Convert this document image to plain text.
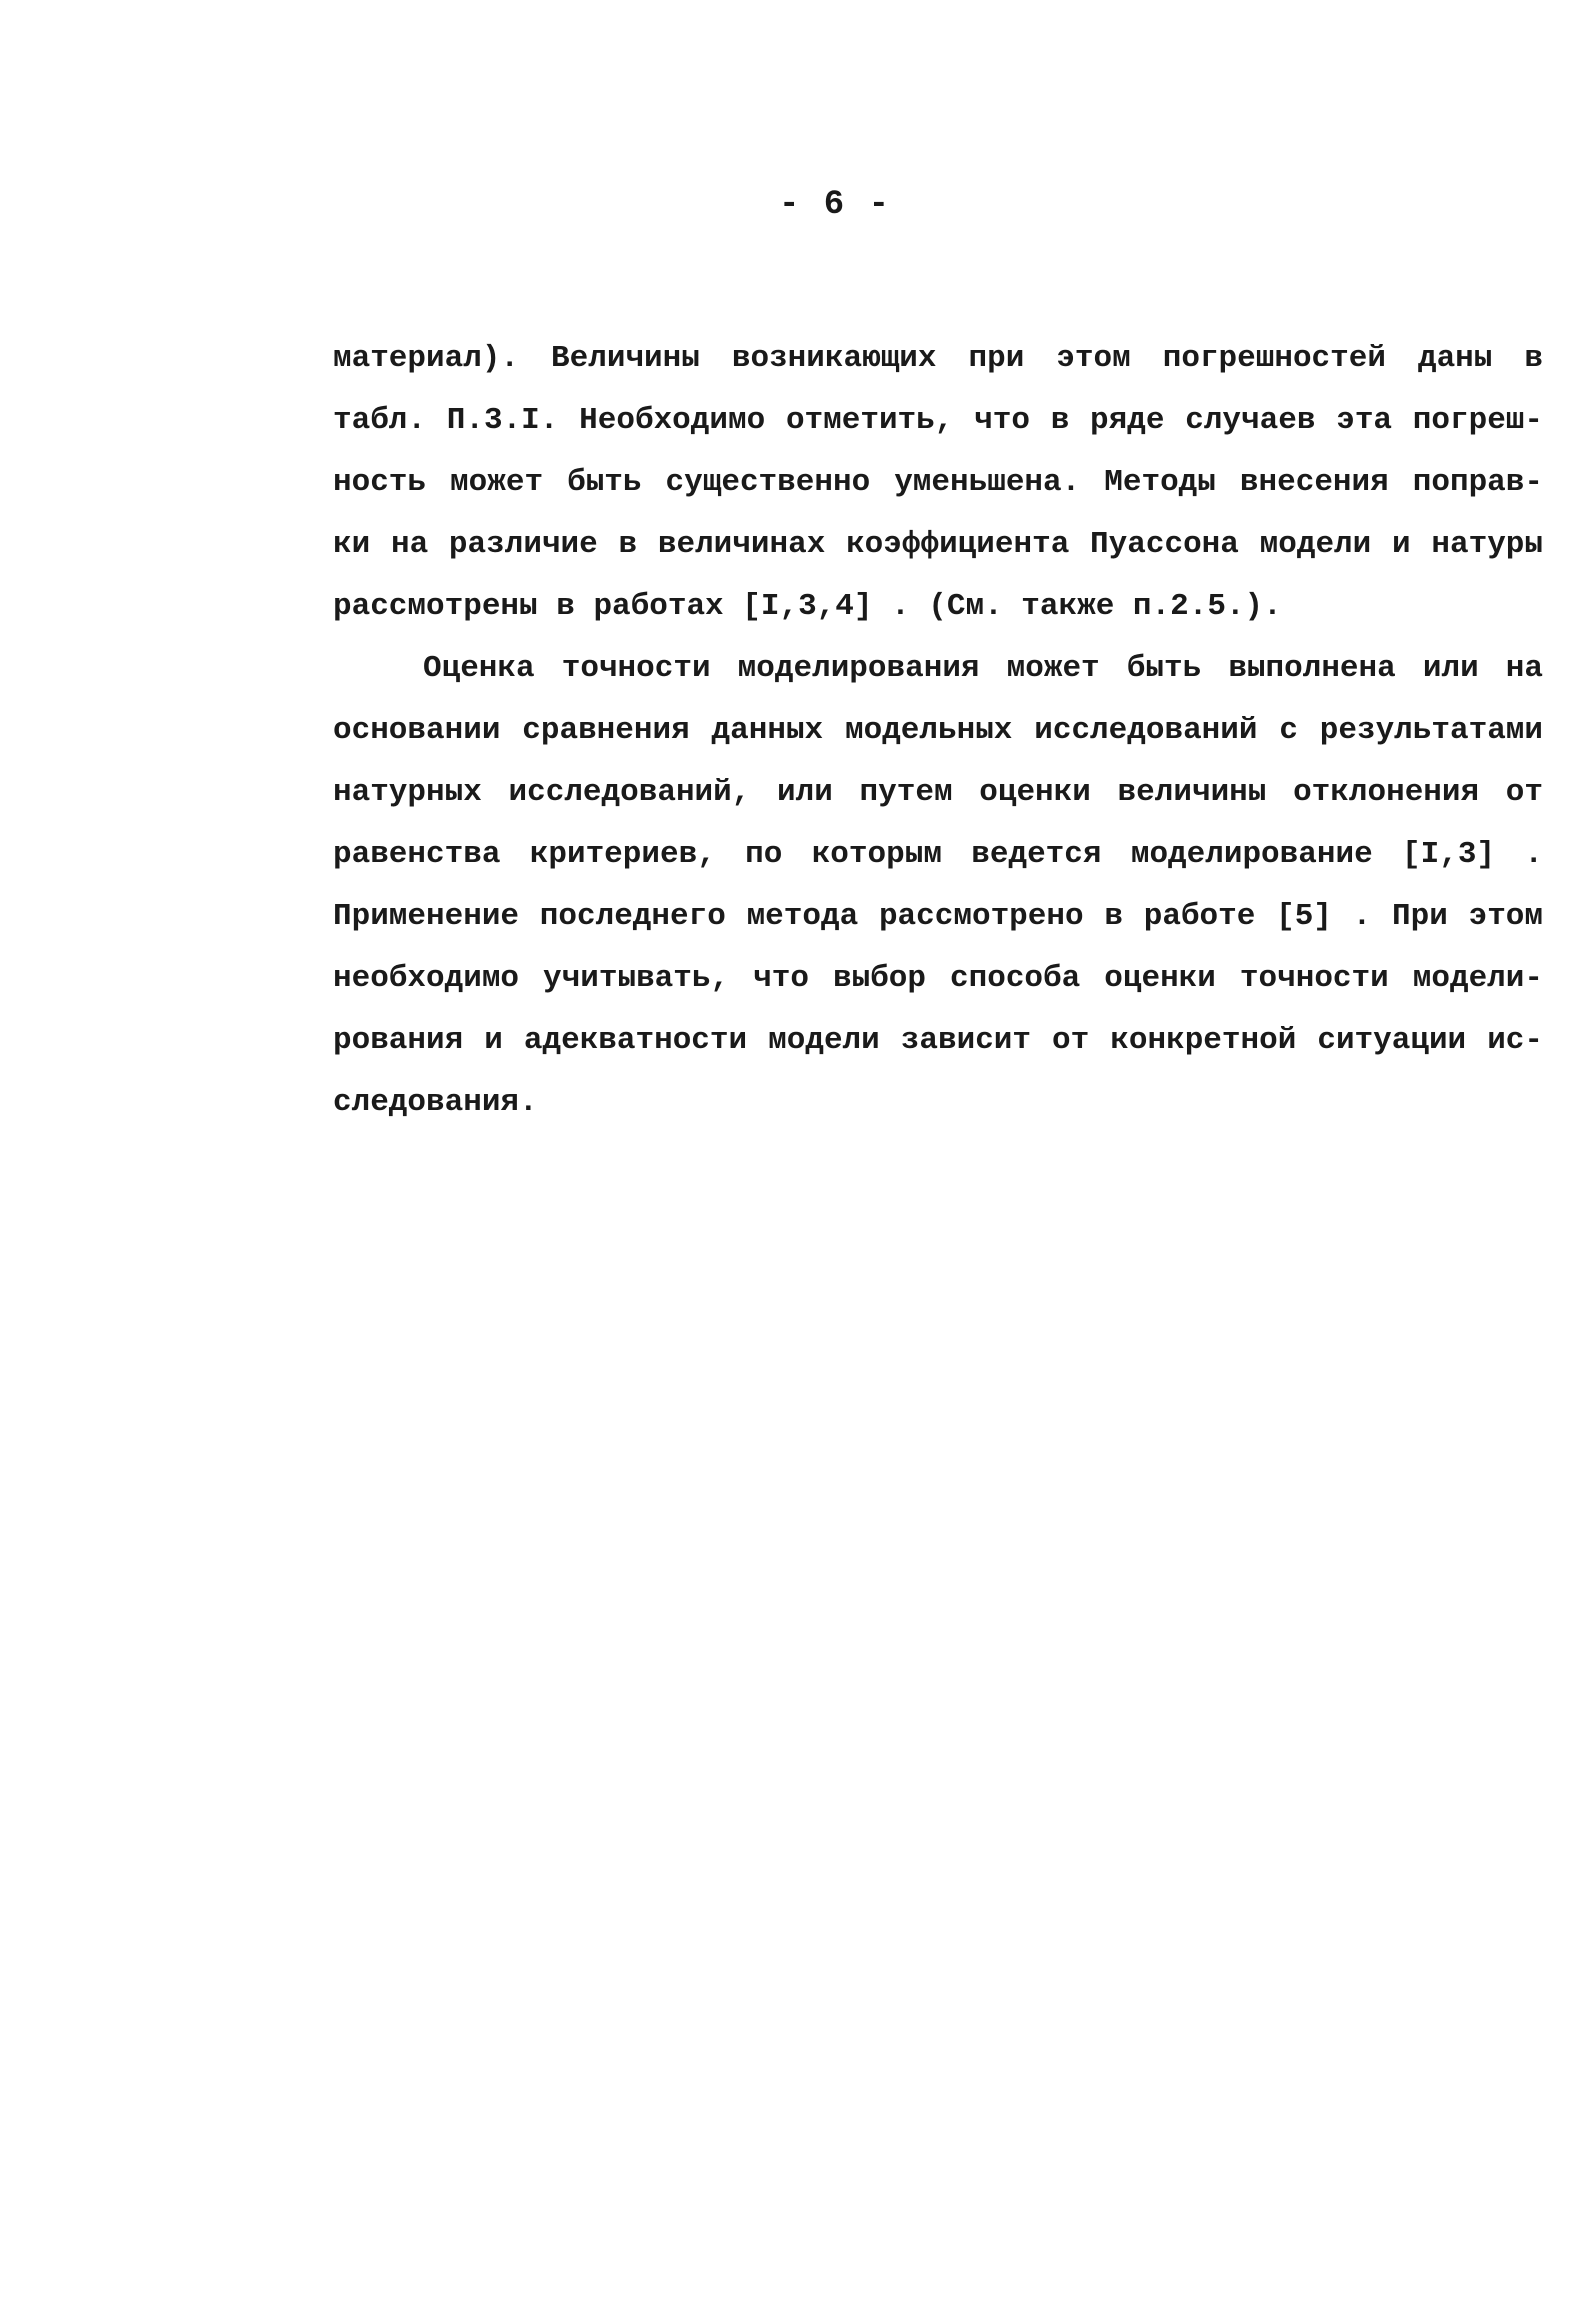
- 6 -
материал). Величины возникающих при этом погрешностей даны в
табл. П.3.I. Необходимо отметить, что в ряде случаев эта погреш-
ность может быть существенно уменьшена. Методы внесения поправ-
ки на различие в величинах коэффициента Пуассона модели и натуры
рассмотрены в работах [I,3,4] . (См. также п.2.5.).
Оценка точности моделирования может быть выполнена или на
основании сравнения данных модельных исследований с результатами
натурных исследований, или путем оценки величины отклонения от
равенства критериев, по которым ведется моделирование [I,3] .
Применение последнего метода рассмотрено в работе [5] . При этом
необходимо учитывать, что выбор способа оценки точности модели-
рования и адекватности модели зависит от конкретной ситуации ис-
следования.
